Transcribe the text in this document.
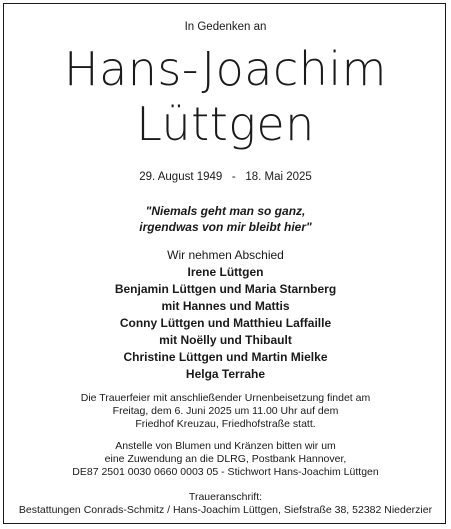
In Gedenken an
Hans-Joachim
Lüttgen
29. August 1949   -   18. Mai 2025
"Niemals geht man so ganz,
irgendwas von mir bleibt hier"
Wir nehmen Abschied
Irene Lüttgen
Benjamin Lüttgen und Maria Starnberg
mit Hannes und Mattis
Conny Lüttgen und Matthieu Laffaille
mit Noëlly und Thibault
Christine Lüttgen und Martin Mielke
Helga Terrahe
Die Trauerfeier mit anschließender Urnenbeisetzung findet am
Freitag, dem 6. Juni 2025 um 11.00 Uhr auf dem
Friedhof Kreuzau, Friedhofstraße statt.
Anstelle von Blumen und Kränzen bitten wir um
eine Zuwendung an die DLRG, Postbank Hannover,
DE87 2501 0030 0660 0003 05 - Stichwort Hans-Joachim Lüttgen
Traueranschrift:
Bestattungen Conrads-Schmitz / Hans-Joachim Lüttgen, Siefstraße 38, 52382 Niederzier
